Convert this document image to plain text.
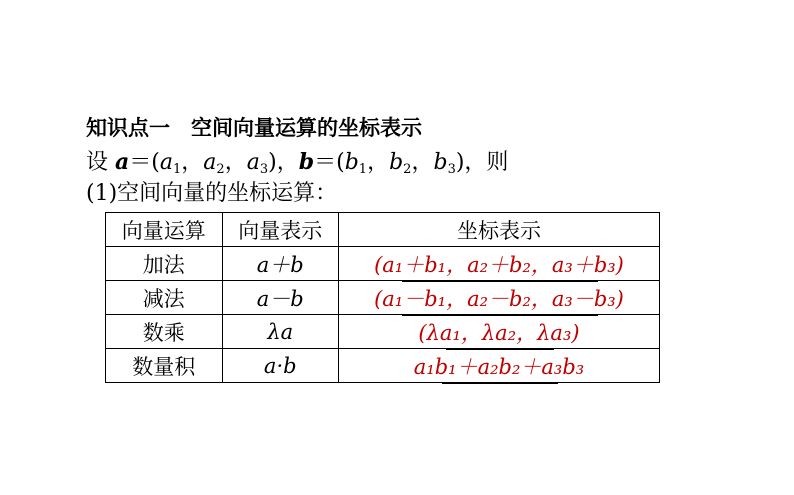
知识点一　空间向量运算的坐标表示
设 $a=(a_1$，$a_2$，$a_3$)，$b=(b_1$，$b_2$，$b_3$)，则
(1)空间向量的坐标运算：
向量运算	向量表示	坐标表示
加法	a＋b	(a₁＋b₁，a₂＋b₂，a₃＋b₃)

减法	a－b	(a₁－b₁，a₂－b₂，a₃－b₃)

数乘	λa	(λa₁，λa₂，λa₃)

数量积	a·b	a₁b₁＋a₂b₂＋a₃b₃
